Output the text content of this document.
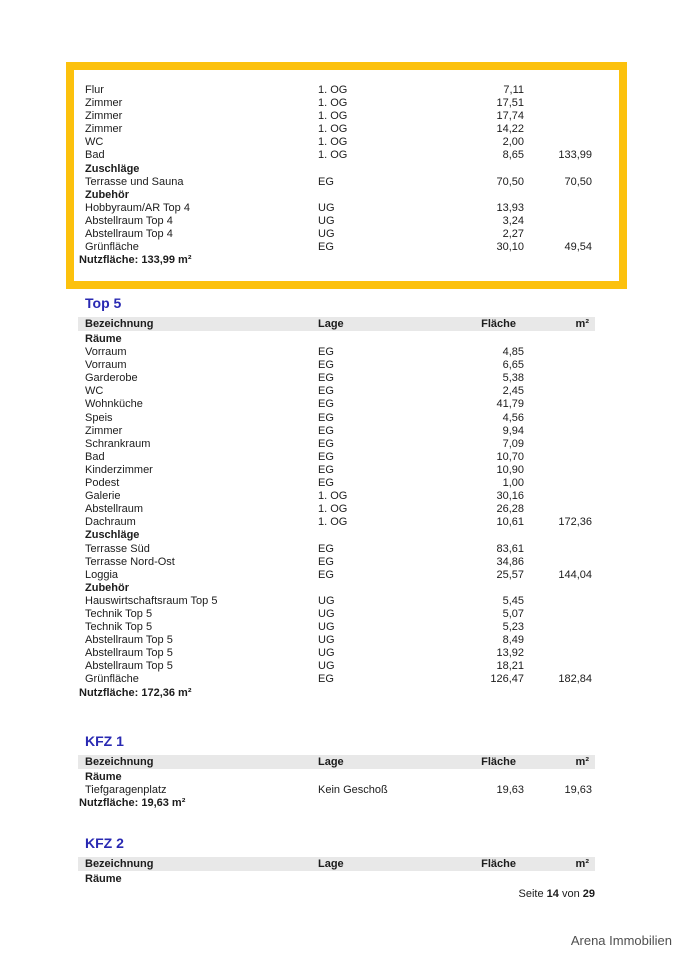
Flur	1. OG	7,11
Zimmer	1. OG	17,51
Zimmer	1. OG	17,74
Zimmer	1. OG	14,22
WC	1. OG	2,00
Bad	1. OG	8,65	133,99
Zuschläge
Terrasse und Sauna	EG	70,50	70,50
Zubehör
Hobbyraum/AR Top 4	UG	13,93
Abstellraum Top 4	UG	3,24
Abstellraum Top 4	UG	2,27
Grünfläche	EG	30,10	49,54
Nutzfläche: 133,99 m²
Top 5
Bezeichnung	Lage	Fläche	m²
Räume
Vorraum	EG	4,85
Vorraum	EG	6,65
Garderobe	EG	5,38
WC	EG	2,45
Wohnküche	EG	41,79
Speis	EG	4,56
Zimmer	EG	9,94
Schrankraum	EG	7,09
Bad	EG	10,70
Kinderzimmer	EG	10,90
Podest	EG	1,00
Galerie	1. OG	30,16
Abstellraum	1. OG	26,28
Dachraum	1. OG	10,61	172,36
Zuschläge
Terrasse Süd	EG	83,61
Terrasse Nord-Ost	EG	34,86
Loggia	EG	25,57	144,04
Zubehör
Hauswirtschaftsraum Top 5	UG	5,45
Technik Top 5	UG	5,07
Technik Top 5	UG	5,23
Abstellraum Top 5	UG	8,49
Abstellraum Top 5	UG	13,92
Abstellraum Top 5	UG	18,21
Grünfläche	EG	126,47	182,84
Nutzfläche: 172,36 m²
KFZ 1
Bezeichnung	Lage	Fläche	m²
Räume
Tiefgaragenplatz	Kein Geschoß	19,63	19,63
Nutzfläche: 19,63 m²
KFZ 2
Bezeichnung	Lage	Fläche	m²
Räume
Seite 14 von 29
Arena Immobilien
